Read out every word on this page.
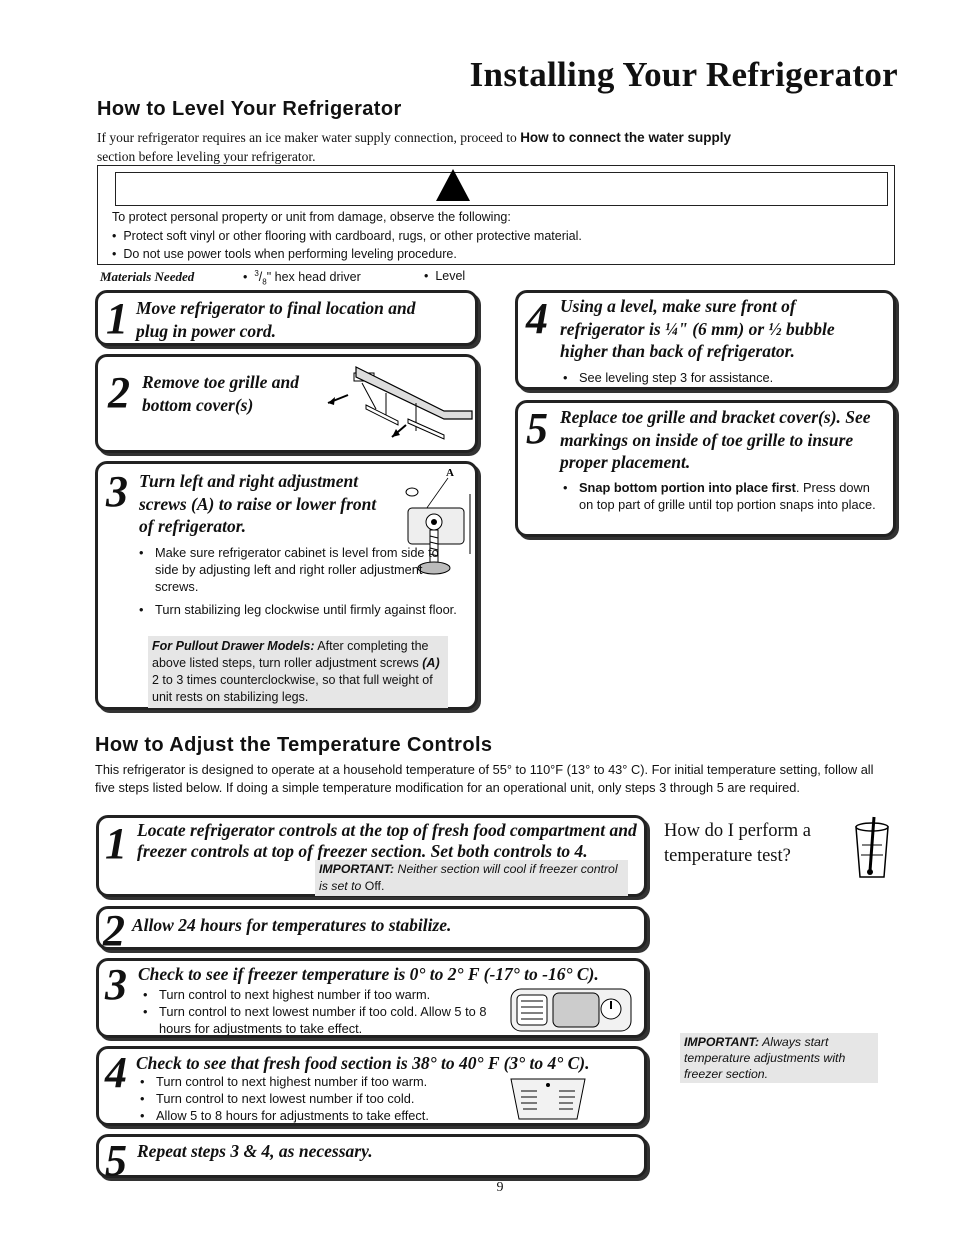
Installing Your Refrigerator
How to Level Your Refrigerator
If your refrigerator requires an ice maker water supply connection, proceed to How to connect the water supply
section before leveling your refrigerator.
To protect personal property or unit from damage, observe the following:
•  Protect soft vinyl or other flooring with cardboard, rugs, or other protective material.
•  Do not use power tools when performing leveling procedure.
Materials Needed	•  $^3/_8$" hex head driver	•  Level
1 Move refrigerator to final location and plug in power cord.
2 Remove toe grille and bottom cover(s)
3 Turn left and right adjustment screws (A) to raise or lower front of refrigerator.
A
• Make sure refrigerator cabinet is level from side to side by adjusting left and right roller adjustment screws.
• Turn stabilizing leg clockwise until firmly against floor.
For Pullout Drawer Models: After completing the above listed steps, turn roller adjustment screws (A) 2 to 3 times counterclockwise, so that full weight of unit rests on stabilizing legs.
4 Using a level, make sure front of refrigerator is ¼" (6 mm) or ½ bubble higher than back of refrigerator.
• See leveling step 3 for assistance.
5 Replace toe grille and bracket cover(s). See markings on inside of toe grille to insure proper placement.
• Snap bottom portion into place first. Press down on top part of grille until top portion snaps into place.
How to Adjust the Temperature Controls
This refrigerator is designed to operate at a household temperature of 55° to 110°F (13° to 43° C). For initial temperature setting, follow all five steps listed below. If doing a simple temperature modification for an operational unit, only steps 3 through 5 are required.
1 Locate refrigerator controls at the top of fresh food compartment and freezer controls at top of freezer section. Set both controls to 4.
IMPORTANT: Neither section will cool if freezer control is set to Off.
2 Allow 24 hours for temperatures to stabilize.
3 Check to see if freezer temperature is 0° to 2° F (-17° to -16° C).
• Turn control to next highest number if too warm.
• Turn control to next lowest number if too cold. Allow 5 to 8 hours for adjustments to take effect.
4 Check to see that fresh food section is 38° to 40° F (3° to 4° C).
• Turn control to next highest number if too warm.
• Turn control to next lowest number if too cold.
• Allow 5 to 8 hours for adjustments to take effect.
5 Repeat steps 3 & 4, as necessary.
How do I perform a temperature test?
IMPORTANT: Always start temperature adjustments with freezer section.
9
